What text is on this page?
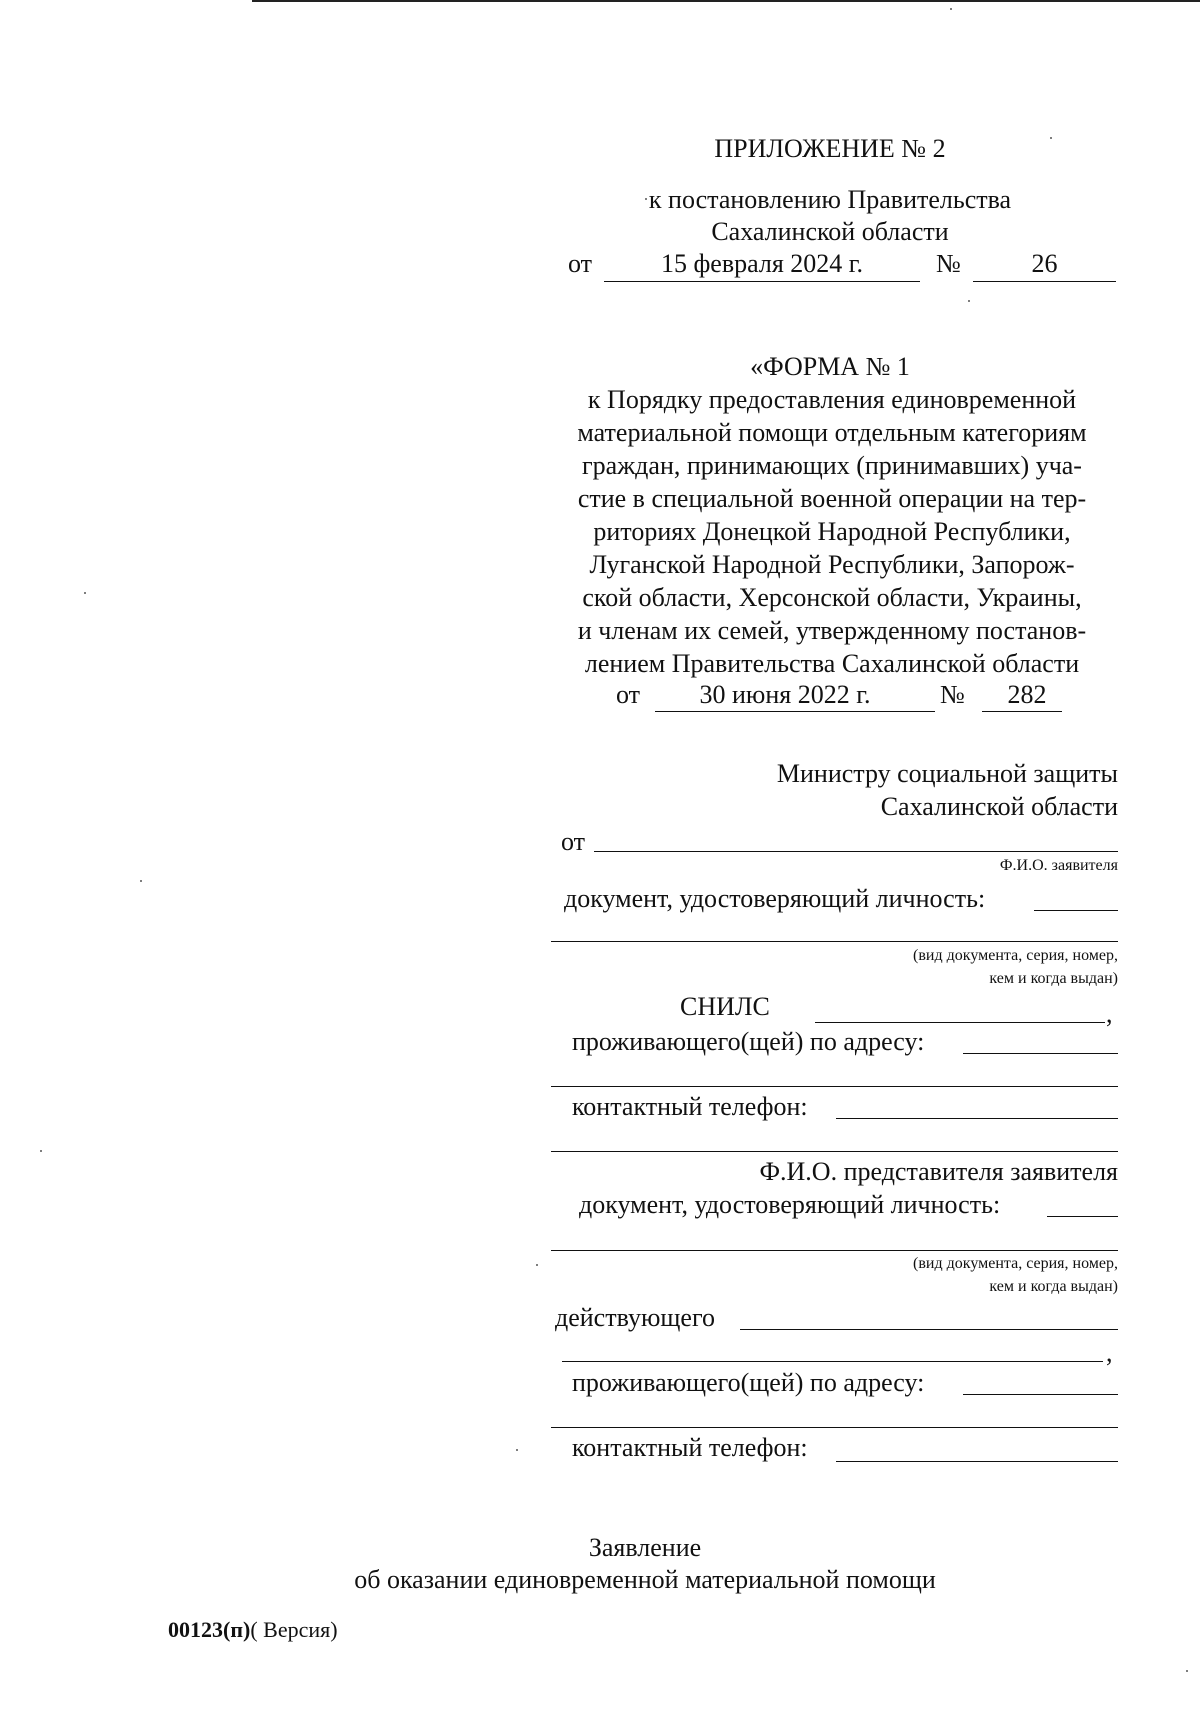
ПРИЛОЖЕНИЕ № 2
к постановлению Правительства
Сахалинской области
от	15 февраля 2024 г.	№	26
«ФОРМА № 1
к Порядку предоставления единовременной
материальной помощи отдельным категориям
граждан, принимающих (принимавших) уча-
стие в специальной военной операции на тер-
риториях Донецкой Народной Республики,
Луганской Народной Республики, Запорож-
ской области, Херсонской области, Украины,
и членам их семей, утвержденному постанов-
лением Правительства Сахалинской области
от	30 июня 2022 г.	№	282
Министру социальной защиты
Сахалинской области
от
Ф.И.О. заявителя
документ, удостоверяющий личность:
(вид документа, серия, номер,
кем и когда выдан)
СНИЛС	,
проживающего(щей) по адресу:
контактный телефон:
Ф.И.О. представителя заявителя
документ, удостоверяющий личность:
(вид документа, серия, номер,
кем и когда выдан)
действующего
,
проживающего(щей) по адресу:
контактный телефон:
Заявление
об оказании единовременной материальной помощи
00123(п)( Версия)
